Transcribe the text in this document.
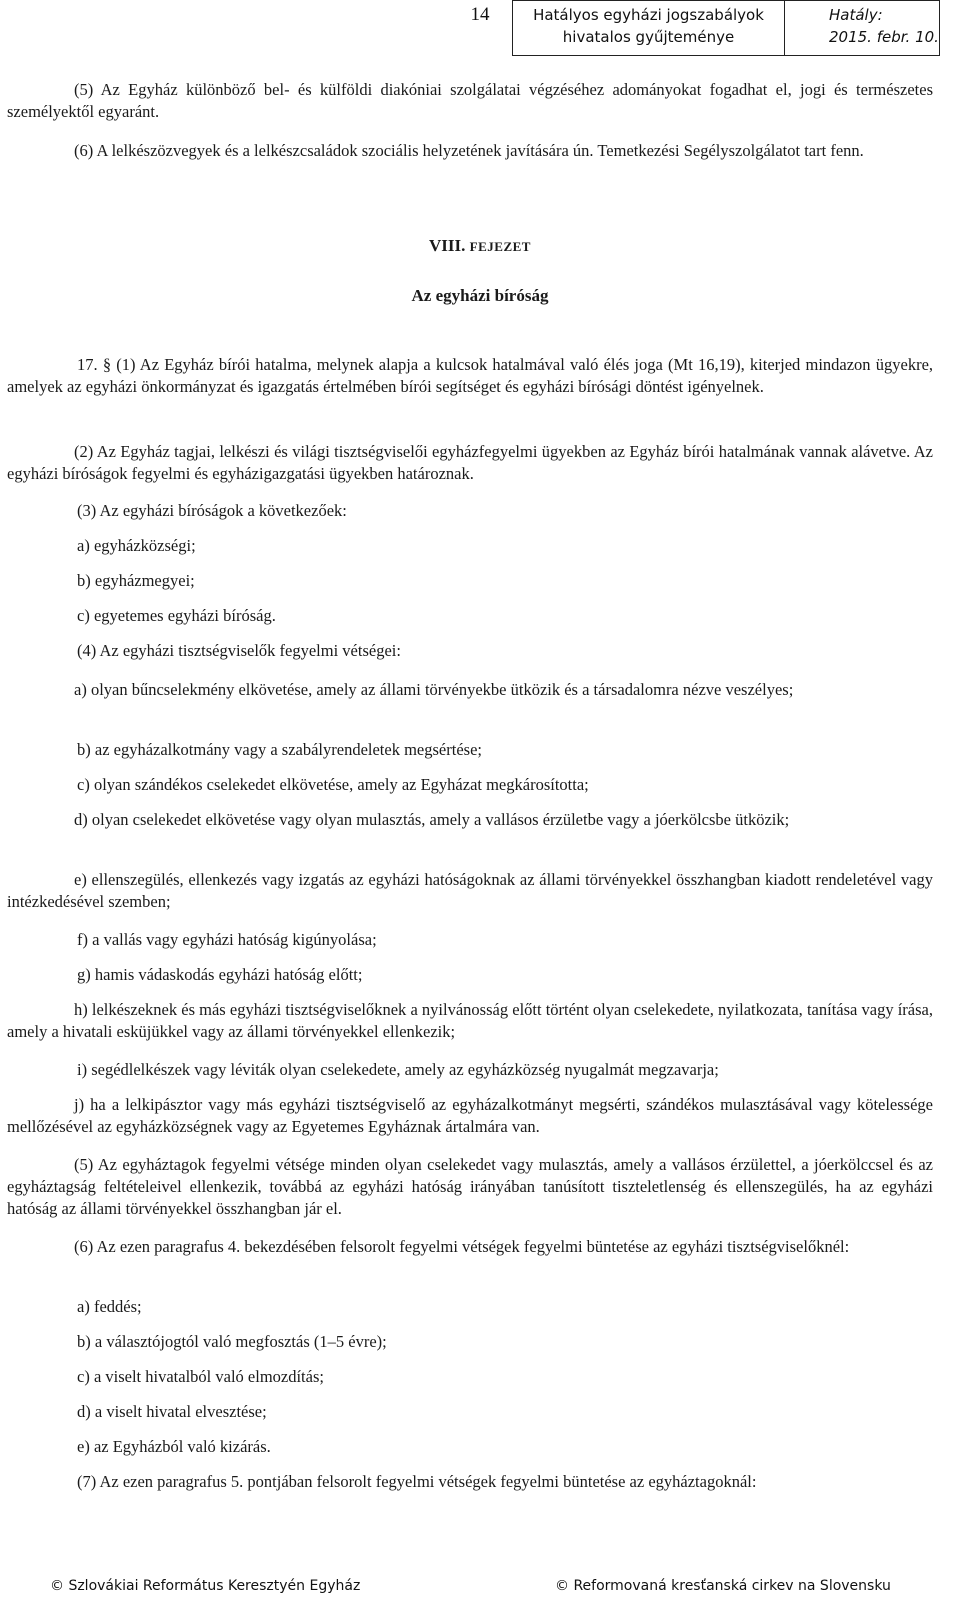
14	Hatályos egyházi jogszabályok
hivatalos gyűjteménye
Hatály:
2015. febr. 10.

(5) Az Egyház különböző bel- és külföldi diakóniai szolgálatai végzéséhez adományokat fogadhat el, jogi és természetes személyektől egyaránt.

(6) A lelkészözvegyek és a lelkészcsaládok szociális helyzetének javítására ún. Temetkezési Segélyszolgálatot tart fenn.

VIII. FEJEZET

Az egyházi bíróság

17. § (1) Az Egyház bírói hatalma, melynek alapja a kulcsok hatalmával való élés joga (Mt 16,19), kiterjed mindazon ügyekre, amelyek az egyházi önkormányzat és igazgatás értelmében bírói segítséget és egyházi bírósági döntést igényelnek.

(2) Az Egyház tagjai, lelkészi és világi tisztségviselői egyházfegyelmi ügyekben az Egyház bírói hatalmának vannak alávetve. Az egyházi bíróságok fegyelmi és egyházigazgatási ügyekben határoznak.

(3) Az egyházi bíróságok a következőek:

a) egyházközségi;

b) egyházmegyei;

c) egyetemes egyházi bíróság.

(4) Az egyházi tisztségviselők fegyelmi vétségei:

a) olyan bűncselekmény elkövetése, amely az állami törvényekbe ütközik és a társadalomra nézve veszélyes;

b) az egyházalkotmány vagy a szabályrendeletek megsértése;

c) olyan szándékos cselekedet elkövetése, amely az Egyházat megkárosította;

d) olyan cselekedet elkövetése vagy olyan mulasztás, amely a vallásos érzületbe vagy a jóerkölcsbe ütközik;

e) ellenszegülés, ellenkezés vagy izgatás az egyházi hatóságoknak az állami törvényekkel összhangban kiadott rendeletével vagy intézkedésével szemben;

f) a vallás vagy egyházi hatóság kigúnyolása;

g) hamis vádaskodás egyházi hatóság előtt;

h) lelkészeknek és más egyházi tisztségviselőknek a nyilvánosság előtt történt olyan cselekedete, nyilatkozata, tanítása vagy írása, amely a hivatali esküjükkel vagy az állami törvényekkel ellenkezik;

i) segédlelkészek vagy léviták olyan cselekedete, amely az egyházközség nyugalmát megzavarja;

j) ha a lelkipásztor vagy más egyházi tisztségviselő az egyházalkotmányt megsérti, szándékos mulasztásával vagy kötelessége mellőzésével az egyházközségnek vagy az Egyetemes Egyháznak ártalmára van.

(5) Az egyháztagok fegyelmi vétsége minden olyan cselekedet vagy mulasztás, amely a vallásos érzülettel, a jóerkölccsel és az egyháztagság feltételeivel ellenkezik, továbbá az egyházi hatóság irányában tanúsított tiszteletlenség és ellenszegülés, ha az egyházi hatóság az állami törvényekkel összhangban jár el.

(6) Az ezen paragrafus 4. bekezdésében felsorolt fegyelmi vétségek fegyelmi büntetése az egyházi tisztségviselőknél:

a) feddés;

b) a választójogtól való megfosztás (1–5 évre);

c) a viselt hivatalból való elmozdítás;

d) a viselt hivatal elvesztése;

e) az Egyházból való kizárás.

(7) Az ezen paragrafus 5. pontjában felsorolt fegyelmi vétségek fegyelmi büntetése az egyháztagoknál:

© Szlovákiai Református Keresztyén Egyház	© Reformovaná kresťanská cirkev na Slovensku
